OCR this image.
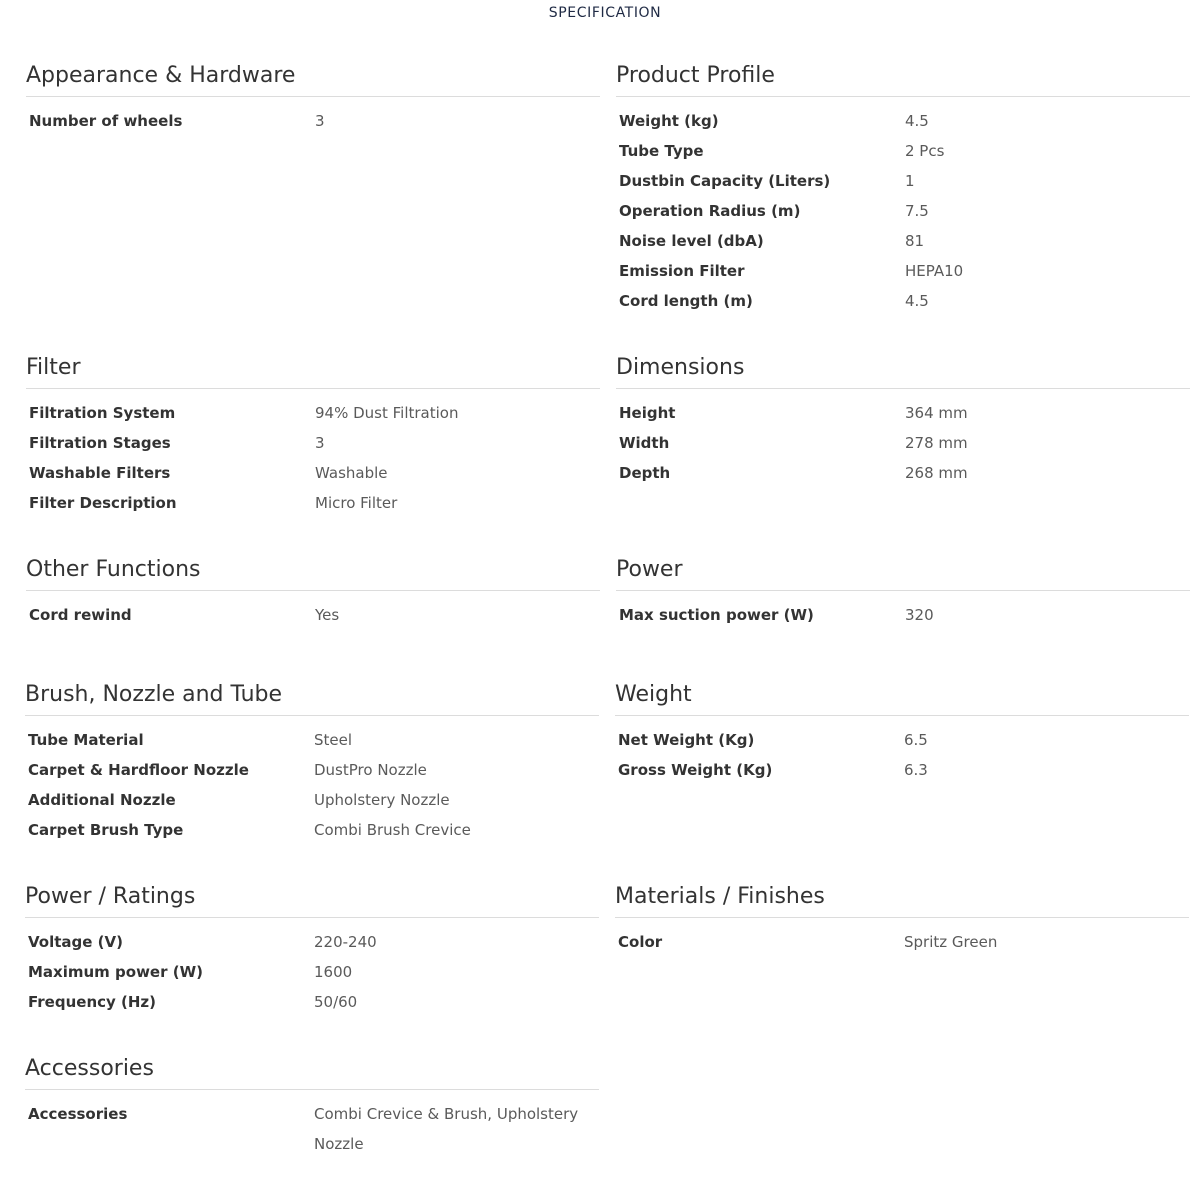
SPECIFICATION
Appearance & Hardware
Number of wheels	3
Filter
Filtration System	94% Dust Filtration
Filtration Stages	3
Washable Filters	Washable
Filter Description	Micro Filter
Other Functions
Cord rewind	Yes
Brush, Nozzle and Tube
Tube Material	Steel
Carpet & Hardfloor Nozzle	DustPro Nozzle
Additional Nozzle	Upholstery Nozzle
Carpet Brush Type	Combi Brush Crevice
Power / Ratings
Voltage (V)	220-240
Maximum power (W)	1600
Frequency (Hz)	50/60
Accessories
Accessories	Combi Crevice & Brush, Upholstery Nozzle
Product Profile
Weight (kg)	4.5
Tube Type	2 Pcs
Dustbin Capacity (Liters)	1
Operation Radius (m)	7.5
Noise level (dbA)	81
Emission Filter	HEPA10
Cord length (m)	4.5
Dimensions
Height	364 mm
Width	278 mm
Depth	268 mm
Power
Max suction power (W)	320
Weight
Net Weight (Kg)	6.5
Gross Weight (Kg)	6.3
Materials / Finishes
Color	Spritz Green
